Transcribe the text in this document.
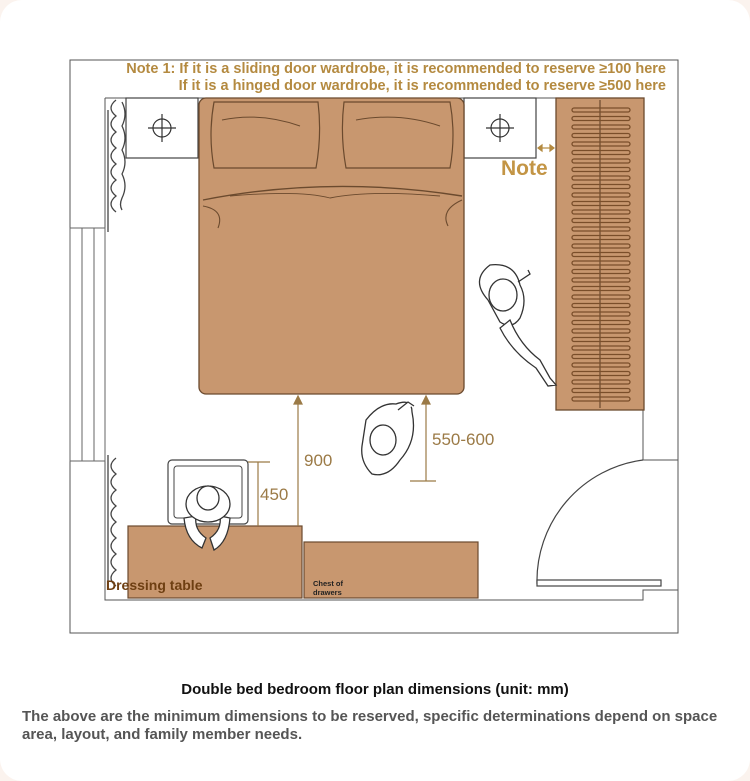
Note 1: If it is a sliding door wardrobe, it is recommended to reserve ≥100 here
If it is a hinged door wardrobe, it is recommended to reserve ≥500 here
Note
900
450
550-600
Dressing table	Chest of drawers
Double bed bedroom floor plan dimensions (unit: mm)
The above are the minimum dimensions to be reserved, specific determinations depend on space area, layout, and family member needs.
